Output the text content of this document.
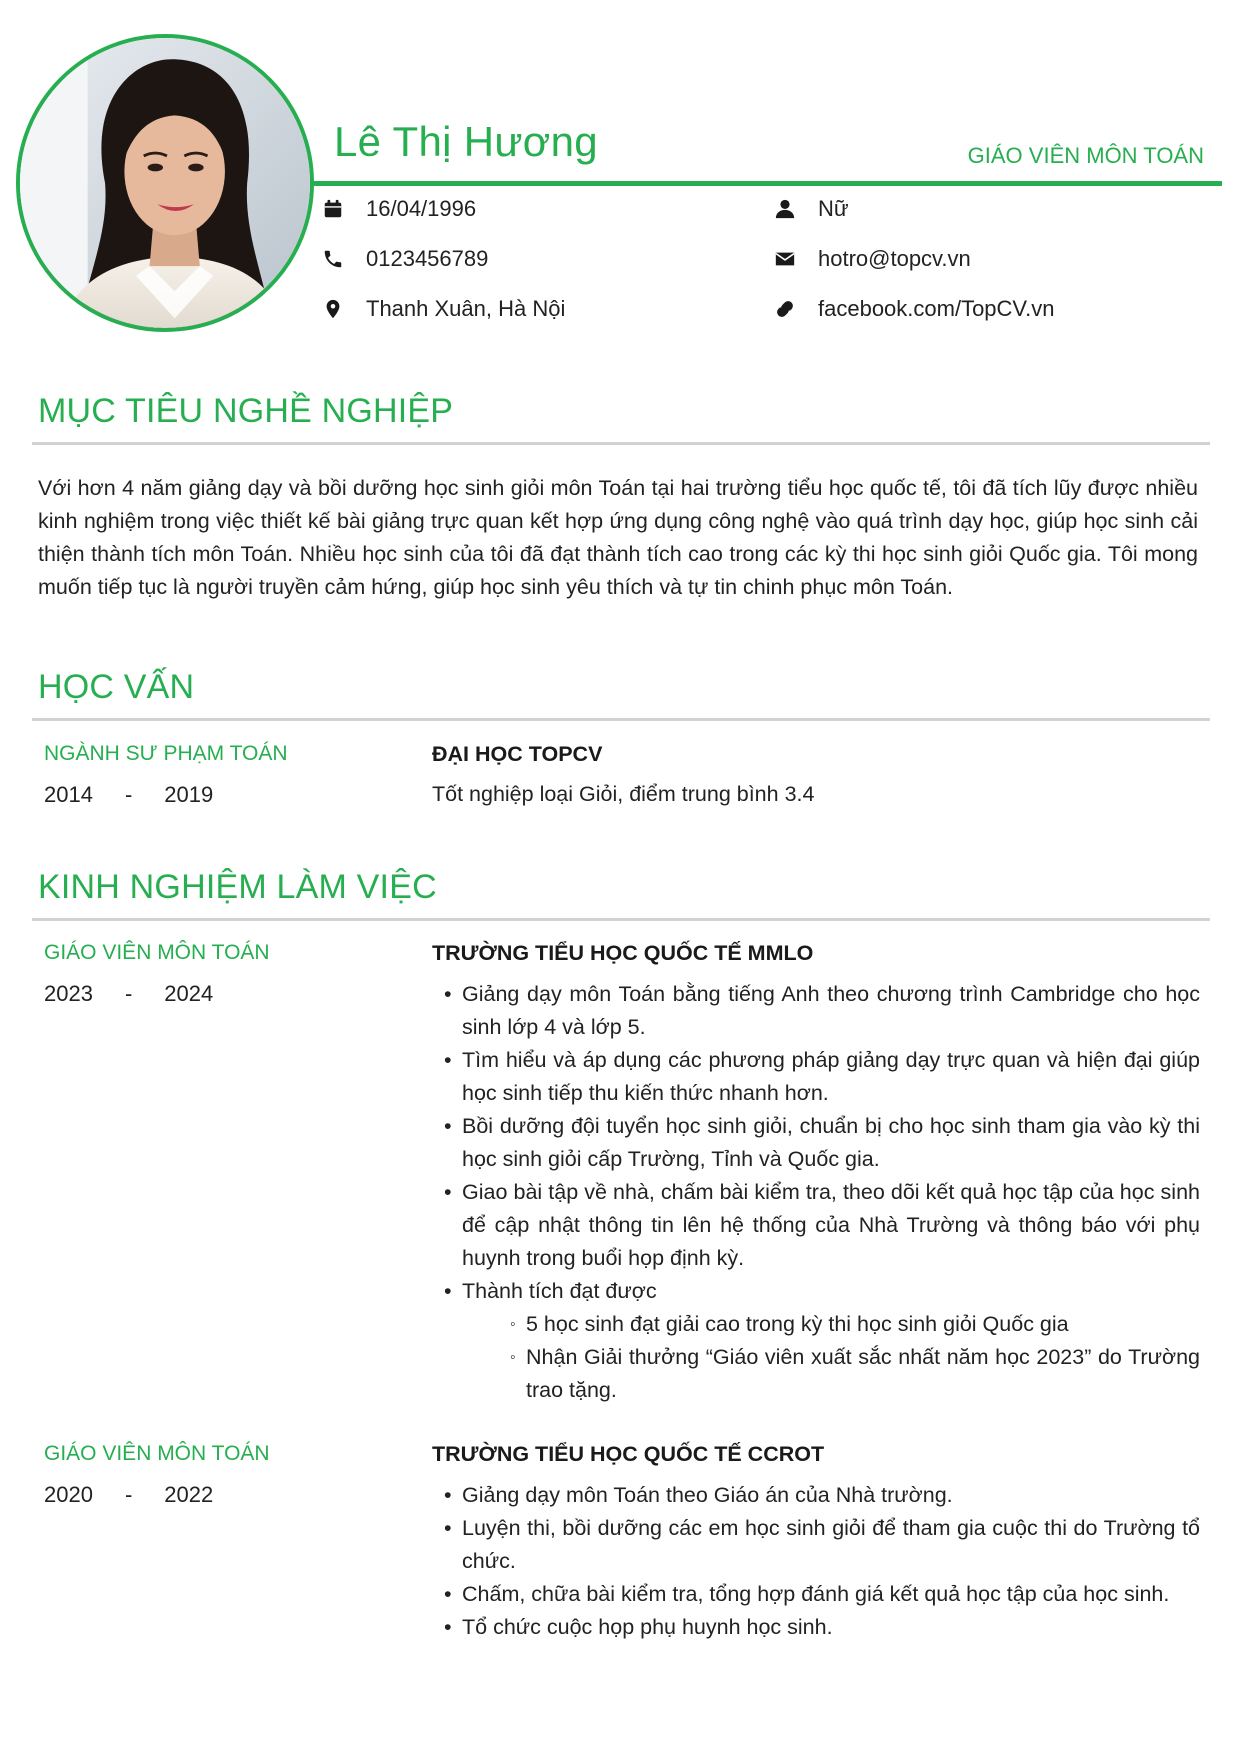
Lê Thị Hương	GIÁO VIÊN MÔN TOÁN
16/04/1996
0123456789
Thanh Xuân, Hà Nội
Nữ
hotro@topcv.vn
facebook.com/TopCV.vn
MỤC TIÊU NGHỀ NGHIỆP
Với hơn 4 năm giảng dạy và bồi dưỡng học sinh giỏi môn Toán tại hai trường tiểu học quốc tế, tôi đã tích lũy được nhiều kinh nghiệm trong việc thiết kế bài giảng trực quan kết hợp ứng dụng công nghệ vào quá trình dạy học, giúp học sinh cải thiện thành tích môn Toán. Nhiều học sinh của tôi đã đạt thành tích cao trong các kỳ thi học sinh giỏi Quốc gia. Tôi mong muốn tiếp tục là người truyền cảm hứng, giúp học sinh yêu thích và tự tin chinh phục môn Toán.
HỌC VẤN
NGÀNH SƯ PHẠM TOÁN
2014 - 2019
ĐẠI HỌC TOPCV
Tốt nghiệp loại Giỏi, điểm trung bình 3.4
KINH NGHIỆM LÀM VIỆC
GIÁO VIÊN MÔN TOÁN
2023 - 2024
TRƯỜNG TIỂU HỌC QUỐC TẾ MMLO
• Giảng dạy môn Toán bằng tiếng Anh theo chương trình Cambridge cho học sinh lớp 4 và lớp 5.
• Tìm hiểu và áp dụng các phương pháp giảng dạy trực quan và hiện đại giúp học sinh tiếp thu kiến thức nhanh hơn.
• Bồi dưỡng đội tuyển học sinh giỏi, chuẩn bị cho học sinh tham gia vào kỳ thi học sinh giỏi cấp Trường, Tỉnh và Quốc gia.
• Giao bài tập về nhà, chấm bài kiểm tra, theo dõi kết quả học tập của học sinh để cập nhật thông tin lên hệ thống của Nhà Trường và thông báo với phụ huynh trong buổi họp định kỳ.
• Thành tích đạt được
◦ 5 học sinh đạt giải cao trong kỳ thi học sinh giỏi Quốc gia
◦ Nhận Giải thưởng “Giáo viên xuất sắc nhất năm học 2023” do Trường trao tặng.
GIÁO VIÊN MÔN TOÁN
2020 - 2022
TRƯỜNG TIỂU HỌC QUỐC TẾ CCROT
• Giảng dạy môn Toán theo Giáo án của Nhà trường.
• Luyện thi, bồi dưỡng các em học sinh giỏi để tham gia cuộc thi do Trường tổ chức.
• Chấm, chữa bài kiểm tra, tổng hợp đánh giá kết quả học tập của học sinh.
• Tổ chức cuộc họp phụ huynh học sinh.
